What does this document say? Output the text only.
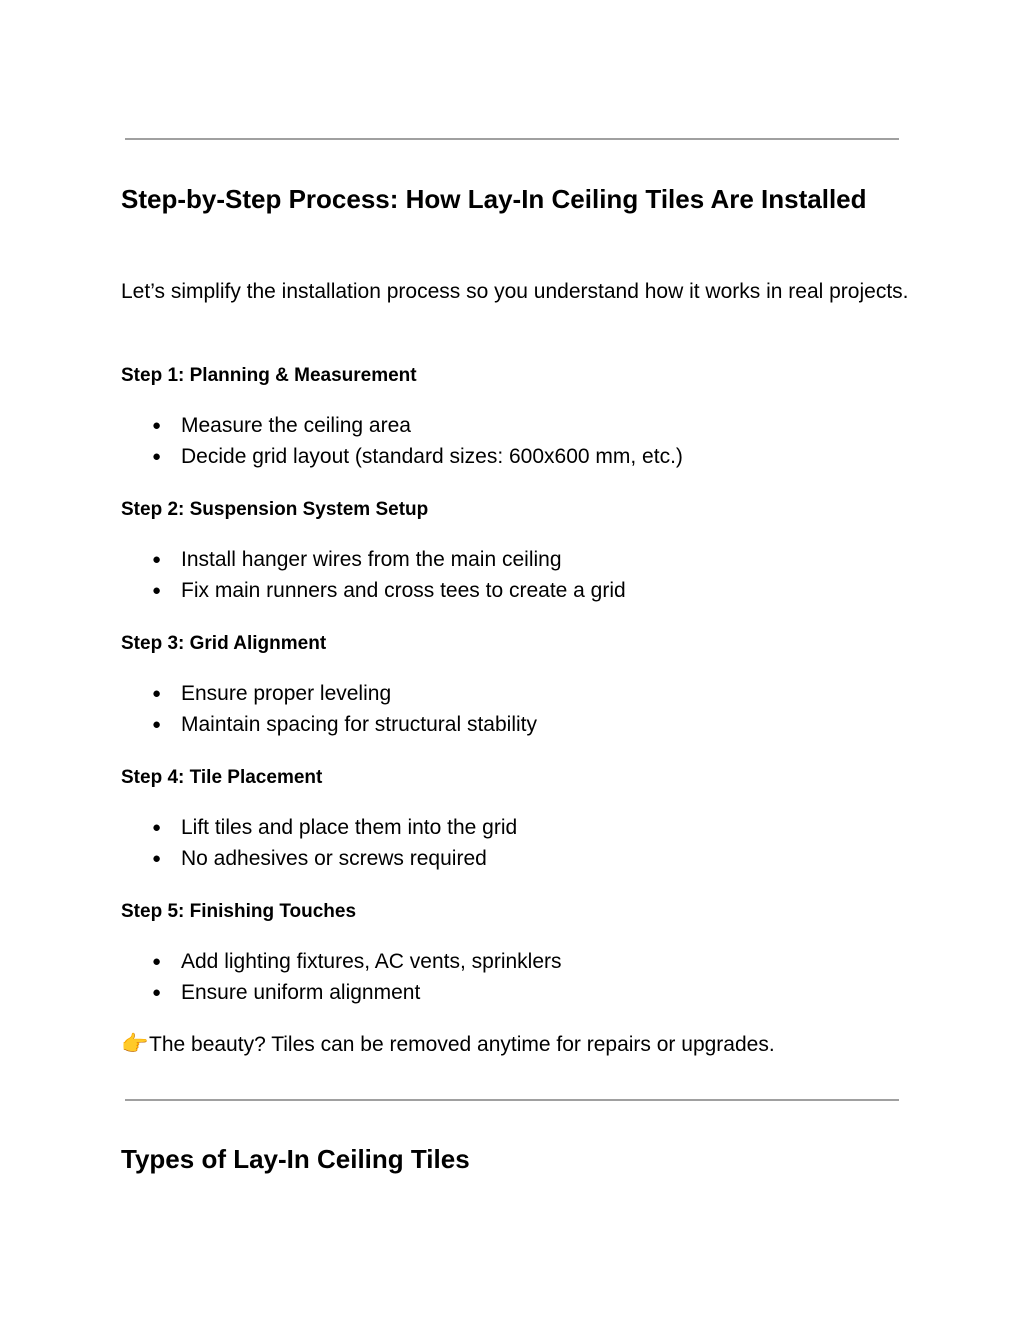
Step-by-Step Process: How Lay-In Ceiling Tiles Are Installed

Let’s simplify the installation process so you understand how it works in real projects.

Step 1: Planning & Measurement

● Measure the ceiling area
● Decide grid layout (standard sizes: 600x600 mm, etc.)

Step 2: Suspension System Setup

● Install hanger wires from the main ceiling
● Fix main runners and cross tees to create a grid

Step 3: Grid Alignment

● Ensure proper leveling
● Maintain spacing for structural stability

Step 4: Tile Placement

● Lift tiles and place them into the grid
● No adhesives or screws required

Step 5: Finishing Touches

● Add lighting fixtures, AC vents, sprinklers
● Ensure uniform alignment

👉The beauty? Tiles can be removed anytime for repairs or upgrades.

Types of Lay-In Ceiling Tiles
